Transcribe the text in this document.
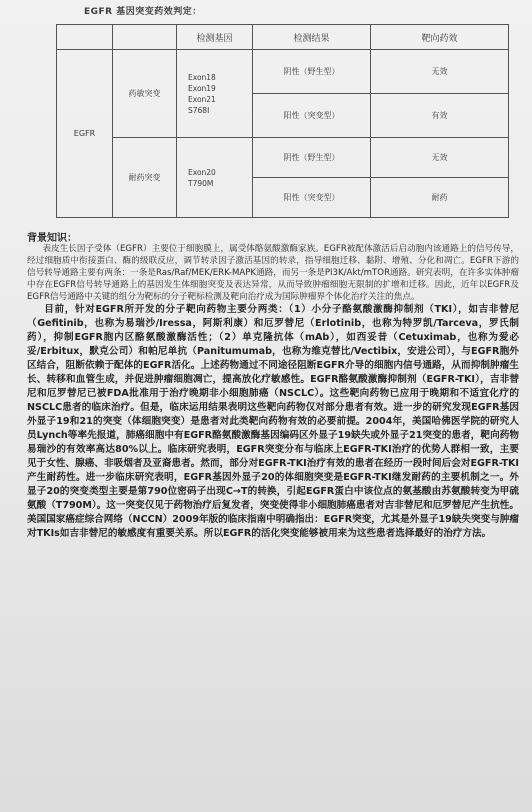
EGFR 基因突变药效判定：
		检测基因	检测结果	靶向药效
EGFR	药敏突变	Exon18
Exon19
Exon21
S768I	阴性（野生型）	无效
			阳性（突变型）	有效
	耐药突变	Exon20
T790M	阴性（野生型）	无效
			阳性（突变型）	耐药
背景知识：

表皮生长因子受体（EGFR）主要位于细胞膜上，属受体酪氨酸激酶家族。EGFR被配体激活后启动胞内该通路上的信号传导，经过细胞质中衔接蛋白、酶的级联反应，调节转录因子激活基因的转录，指导细胞迁移、黏附、增殖、分化和凋亡。EGFR下游的信号转导通路主要有两条：一条是Ras/Raf/MEK/ERK-MAPK通路，而另一条是PI3K/Akt/mTOR通路。研究表明，在许多实体肿瘤中存在EGFR信号转导通路上的基因发生体细胞突变及表达异常，从而导致肿瘤细胞无限制的扩增和迁移。因此，近年以EGFR及EGFR信号通路中关键的组分为靶标的分子靶标检测及靶向治疗成为国际肿瘤界个体化治疗关注的焦点。

目前，针对EGFR所开发的分子靶向药物主要分两类：（1）小分子酪氨酸激酶抑制剂（TKI），如吉非替尼（Gefitinib，也称为易瑞沙/Iressa，阿斯利康）和厄罗替尼（Erlotinib，也称为特罗凯/Tarceva，罗氏制药），抑制EGFR胞内区酪氨酸激酶活性；（2）单克隆抗体（mAb），如西妥昔（Cetuximab，也称为爱必妥/Erbitux，默克公司）和帕尼单抗（Panitumumab，也称为维克替比/Vectibix，安进公司），与EGFR胞外区结合，阻断依赖于配体的EGFR活化。上述药物通过不同途径阻断EGFR介导的细胞内信号通路，从而抑制肿瘤生长、转移和血管生成，并促进肿瘤细胞凋亡，提高放化疗敏感性。EGFR酪氨酸激酶抑制剂（EGFR-TKI），吉非替尼和厄罗替尼已被FDA批准用于治疗晚期非小细胞肺癌（NSCLC）。这些靶向药物已应用于晚期和不适宜化疗的NSCLC患者的临床治疗。但是，临床运用结果表明这些靶向药物仅对部分患者有效。进一步的研究发现EGFR基因外显子19和21的突变（体细胞突变）是患者对此类靶向药物有效的必要前提。2004年，美国哈佛医学院的研究人员Lynch等率先报道，肺癌细胞中有EGFR酪氨酸激酶基因编码区外显子19缺失或外显子21突变的患者，靶向药物易瑞沙的有效率高达80%以上。临床研究表明，EGFR突变分布与临床上EGFR-TKI治疗的优势人群相一致，主要见于女性、腺癌、非吸烟者及亚裔患者。然而，部分对EGFR-TKI治疗有效的患者在经历一段时间后会对EGFR-TKI产生耐药性。进一步临床研究表明，EGFR基因外显子20的体细胞突变是EGFR-TKI继发耐药的主要机制之一。外显子20的突变类型主要是第790位密码子出现C→T的转换，引起EGFR蛋白中该位点的氨基酸由苏氨酸转变为甲硫氨酸（T790M）。这一突变仅见于药物治疗后复发者，突变使得非小细胞肺癌患者对吉非替尼和厄罗替尼产生抗性。美国国家癌症综合网络（NCCN）2009年版的临床指南中明确指出：EGFR突变，尤其是外显子19缺失突变与肿瘤对TKIs如吉非替尼的敏感度有重要关系。所以EGFR的活化突变能够被用来为这些患者选择最好的治疗方法。
